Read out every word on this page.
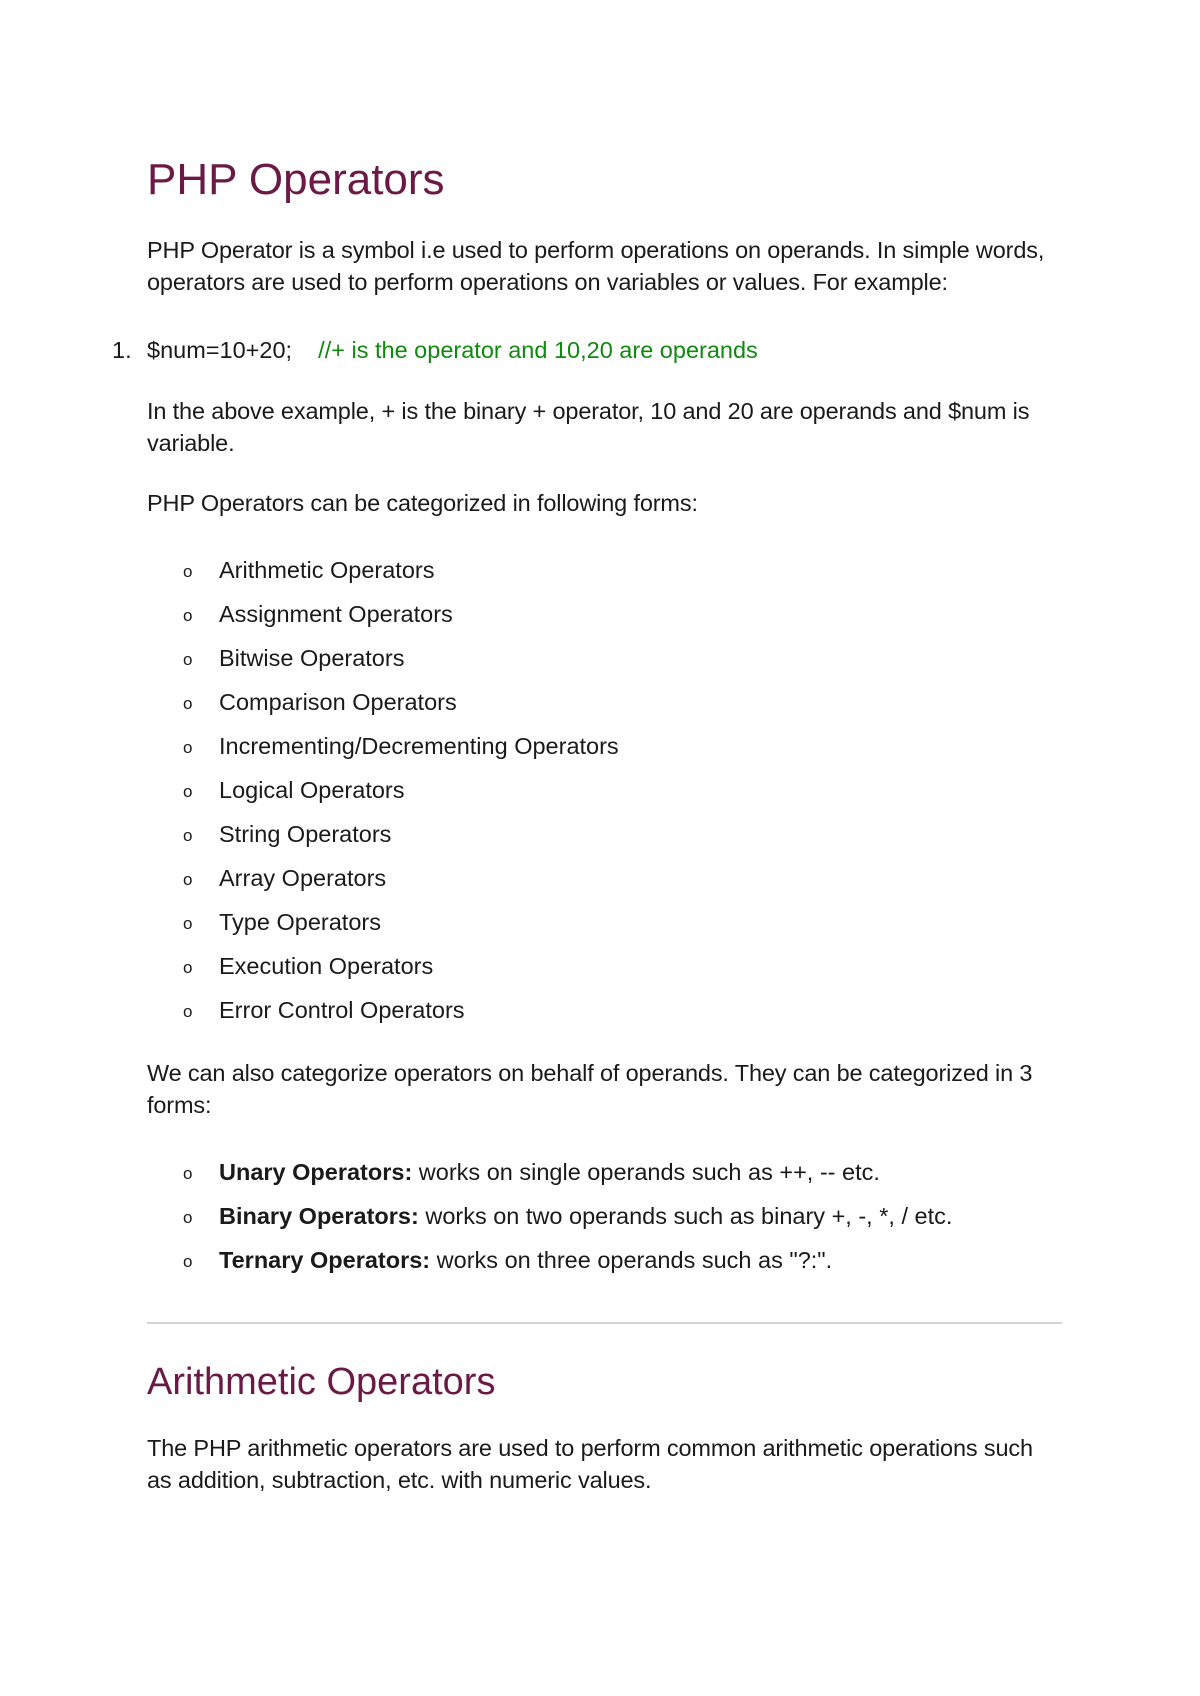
PHP Operators

PHP Operator is a symbol i.e used to perform operations on operands. In simple words, operators are used to perform operations on variables or values. For example:

1. $num=10+20; //+ is the operator and 10,20 are operands

In the above example, + is the binary + operator, 10 and 20 are operands and $num is variable.

PHP Operators can be categorized in following forms:

o Arithmetic Operators
o Assignment Operators
o Bitwise Operators
o Comparison Operators
o Incrementing/Decrementing Operators
o Logical Operators
o String Operators
o Array Operators
o Type Operators
o Execution Operators
o Error Control Operators

We can also categorize operators on behalf of operands. They can be categorized in 3 forms:

o Unary Operators: works on single operands such as ++, -- etc.
o Binary Operators: works on two operands such as binary +, -, *, / etc.
o Ternary Operators: works on three operands such as "?:".
Arithmetic Operators

The PHP arithmetic operators are used to perform common arithmetic operations such as addition, subtraction, etc. with numeric values.
